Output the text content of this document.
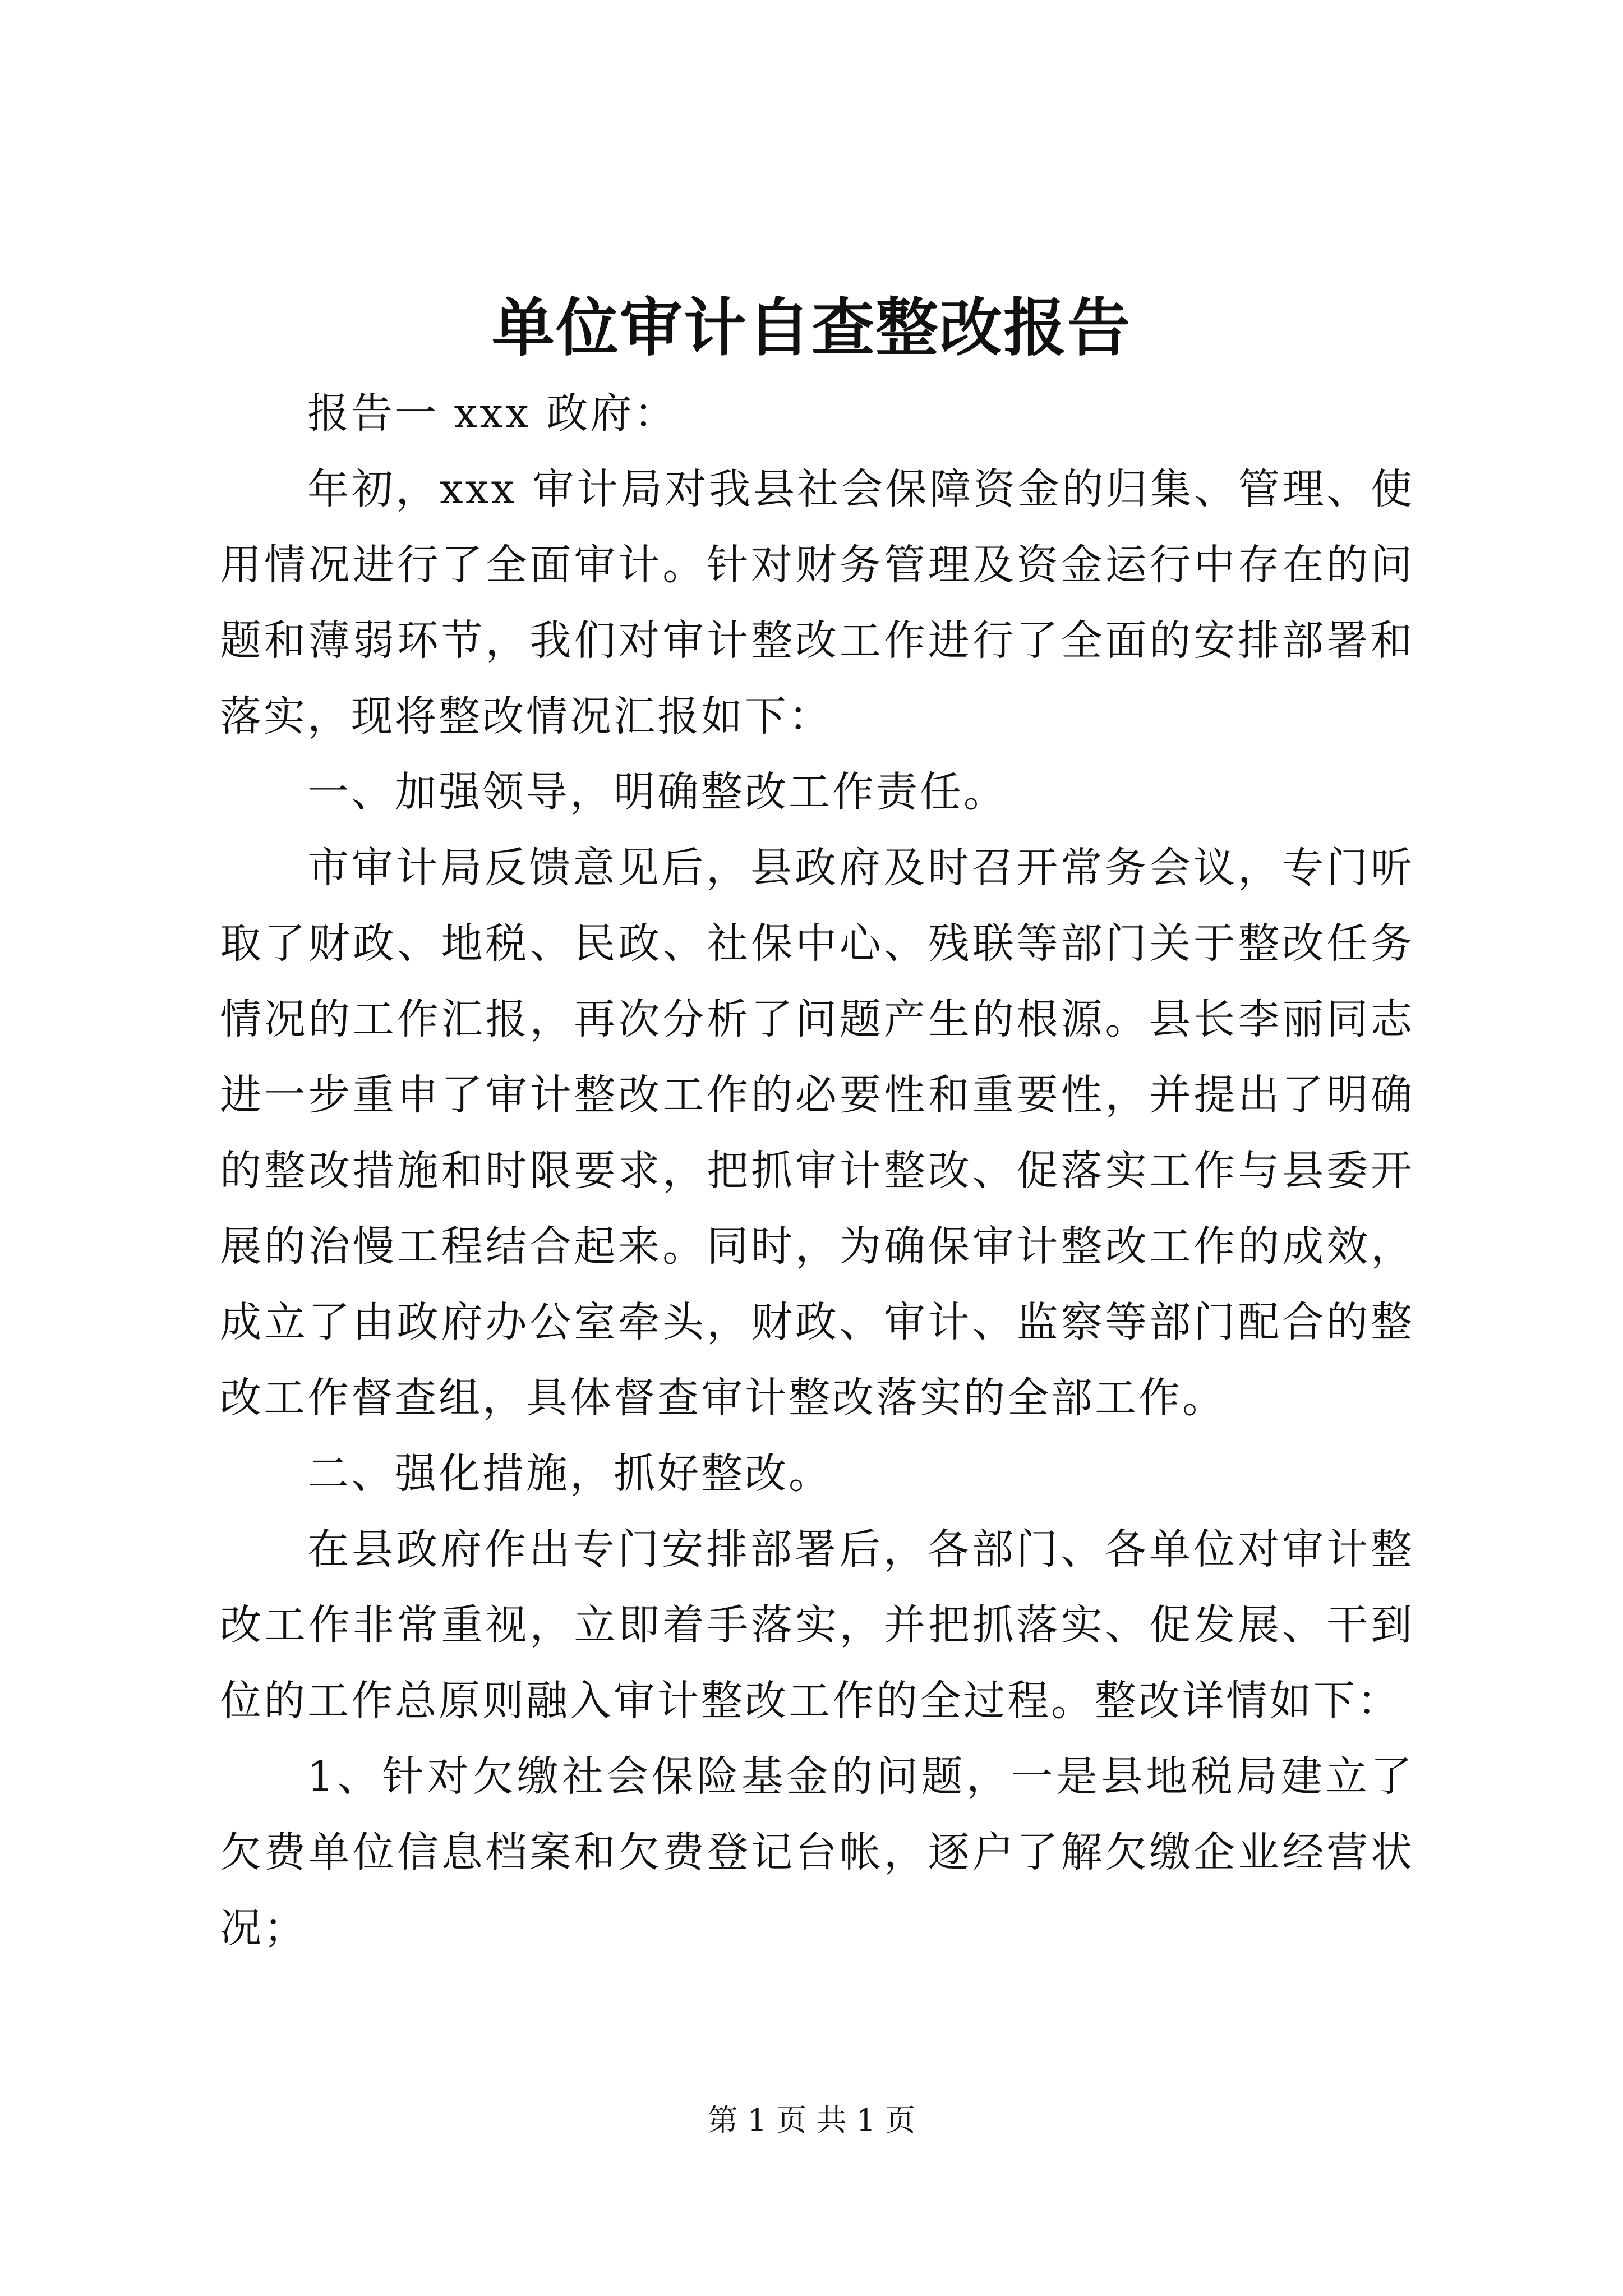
单位审计自查整改报告

报告一 xxx 政府：

年初，xxx 审计局对我县社会保障资金的归集、管理、使用情况进行了全面审计。针对财务管理及资金运行中存在的问题和薄弱环节，我们对审计整改工作进行了全面的安排部署和落实，现将整改情况汇报如下：

一、加强领导，明确整改工作责任。

市审计局反馈意见后，县政府及时召开常务会议，专门听取了财政、地税、民政、社保中心、残联等部门关于整改任务情况的工作汇报，再次分析了问题产生的根源。县长李丽同志进一步重申了审计整改工作的必要性和重要性，并提出了明确的整改措施和时限要求，把抓审计整改、促落实工作与县委开展的治慢工程结合起来。同时，为确保审计整改工作的成效，成立了由政府办公室牵头，财政、审计、监察等部门配合的整改工作督查组，具体督查审计整改落实的全部工作。

二、强化措施，抓好整改。

在县政府作出专门安排部署后，各部门、各单位对审计整改工作非常重视，立即着手落实，并把抓落实、促发展、干到位的工作总原则融入审计整改工作的全过程。整改详情如下：

1、针对欠缴社会保险基金的问题，一是县地税局建立了欠费单位信息档案和欠费登记台帐，逐户了解欠缴企业经营状况；

第 1 页 共 1 页
